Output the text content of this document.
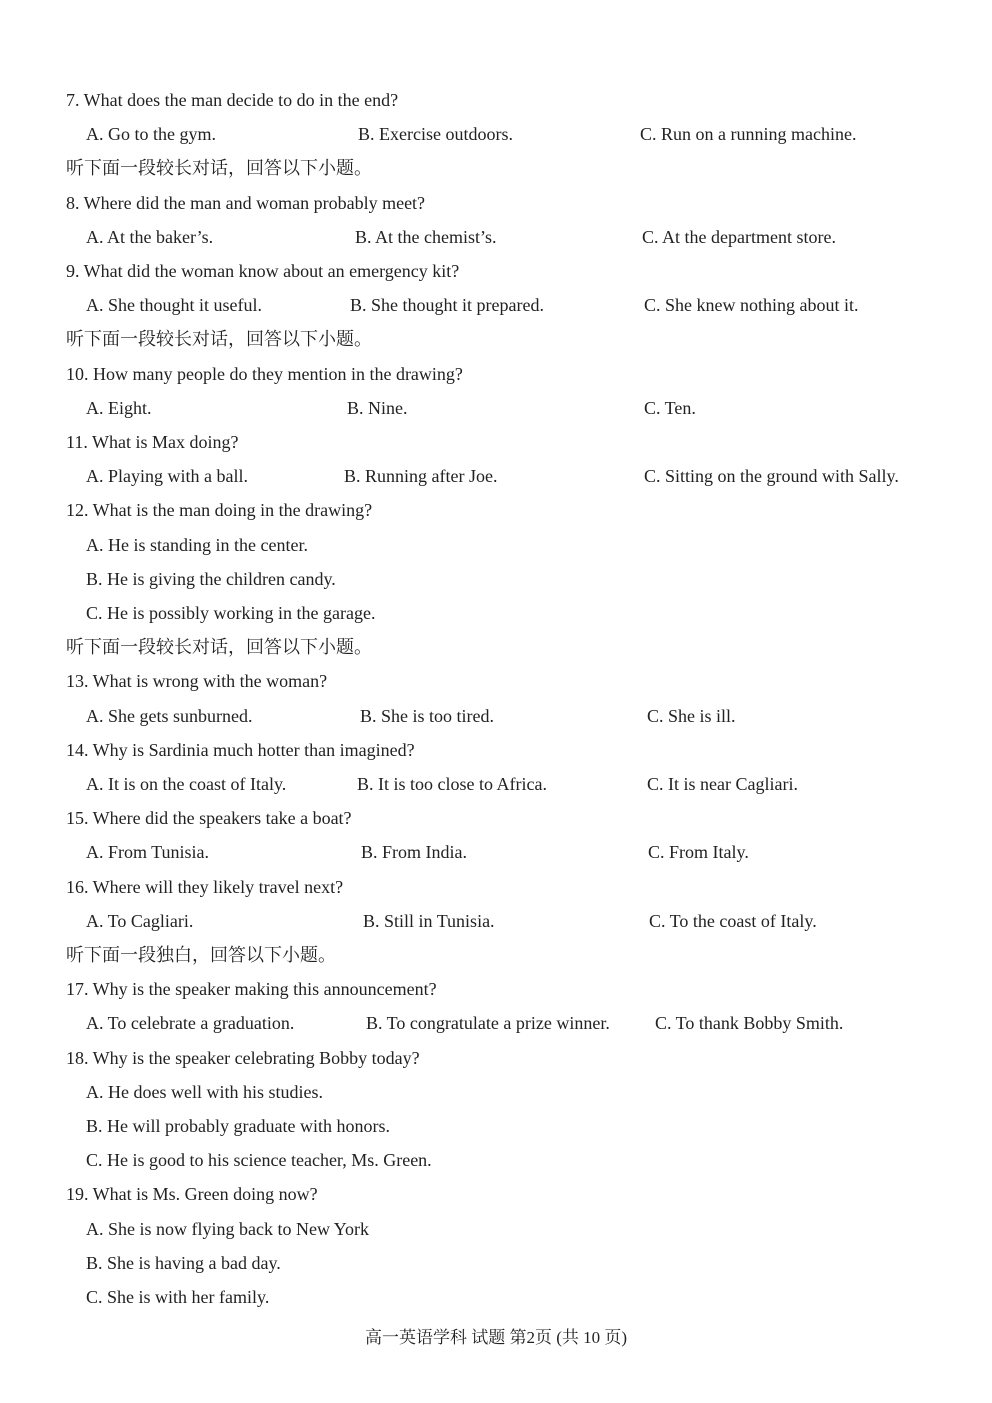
7. What does the man decide to do in the end?
A. Go to the gym.	B. Exercise outdoors.	C. Run on a running machine.
听下面一段较长对话，回答以下小题。
8. Where did the man and woman probably meet?
A. At the baker’s.	B. At the chemist’s.	C. At the department store.
9. What did the woman know about an emergency kit?
A. She thought it useful.	B. She thought it prepared.	C. She knew nothing about it.
听下面一段较长对话，回答以下小题。
10. How many people do they mention in the drawing?
A. Eight.	B. Nine.	C. Ten.
11. What is Max doing?
A. Playing with a ball.	B. Running after Joe.	C. Sitting on the ground with Sally.
12. What is the man doing in the drawing?
A. He is standing in the center.
B. He is giving the children candy.
C. He is possibly working in the garage.
听下面一段较长对话，回答以下小题。
13. What is wrong with the woman?
A. She gets sunburned.	B. She is too tired.	C. She is ill.
14. Why is Sardinia much hotter than imagined?
A. It is on the coast of Italy.	B. It is too close to Africa.	C. It is near Cagliari.
15. Where did the speakers take a boat?
A. From Tunisia.	B. From India.	C. From Italy.
16. Where will they likely travel next?
A. To Cagliari.	B. Still in Tunisia.	C. To the coast of Italy.
听下面一段独白，回答以下小题。
17. Why is the speaker making this announcement?
A. To celebrate a graduation.	B. To congratulate a prize winner.	C. To thank Bobby Smith.
18. Why is the speaker celebrating Bobby today?
A. He does well with his studies.
B. He will probably graduate with honors.
C. He is good to his science teacher, Ms. Green.
19. What is Ms. Green doing now?
A. She is now flying back to New York
B. She is having a bad day.
C. She is with her family.
高一英语学科 试题 第2页 (共 10 页)
